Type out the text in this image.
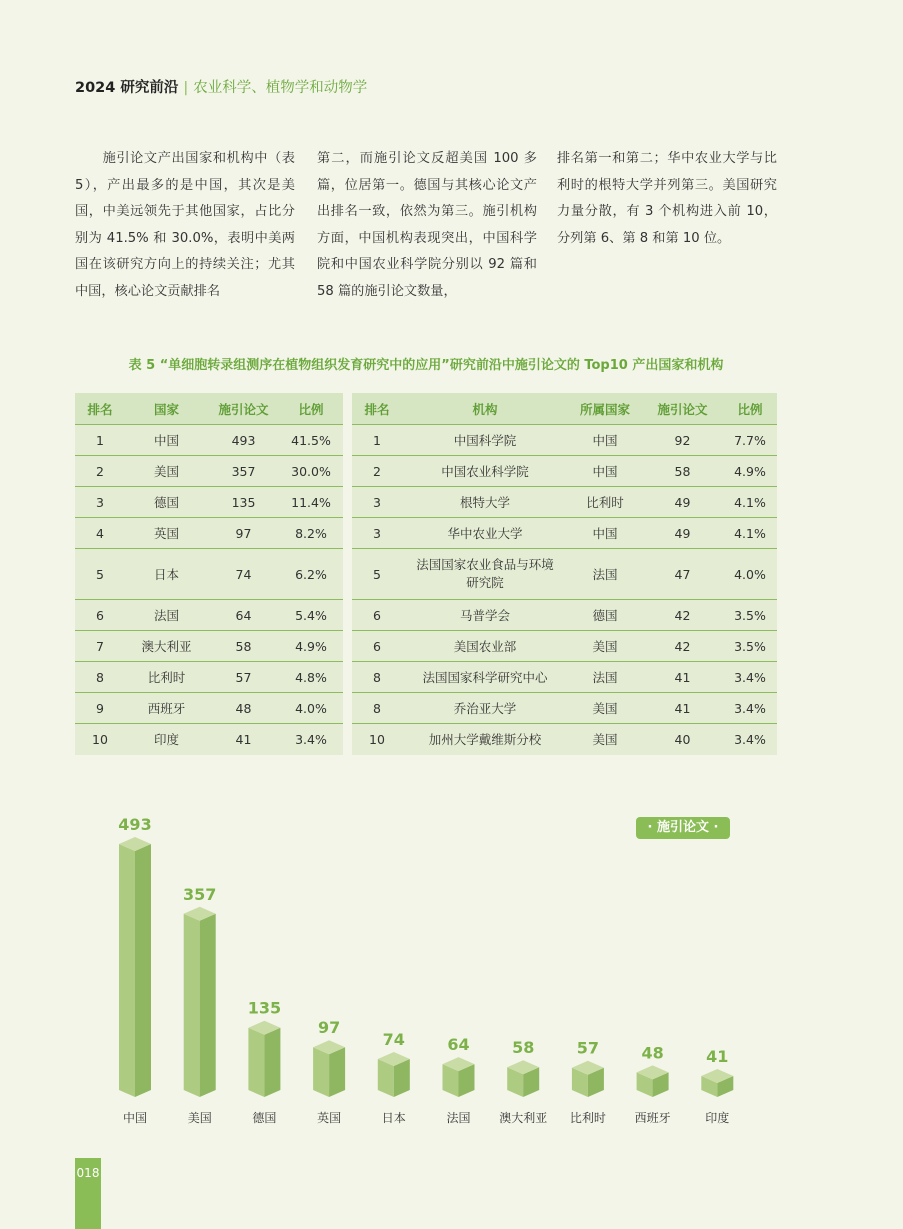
2024 研究前沿 | 农业科学、植物学和动物学
　　施引论文产出国家和机构中（表 5），产出最多的是中国，其次是美国，中美远领先于其他国家，占比分别为 41.5% 和 30.0%，表明中美两国在该研究方向上的持续关注；尤其中国，核心论文贡献排名
第二，而施引论文反超美国 100 多篇，位居第一。德国与其核心论文产出排名一致，依然为第三。施引机构方面，中国机构表现突出，中国科学院和中国农业科学院分别以 92 篇和 58 篇的施引论文数量，
排名第一和第二；华中农业大学与比利时的根特大学并列第三。美国研究力量分散，有 3 个机构进入前 10，分列第 6、第 8 和第 10 位。
表 5 “单细胞转录组测序在植物组织发育研究中的应用”研究前沿中施引论文的 Top10 产出国家和机构
排名	国家	施引论文	比例
1	中国	493	41.5%
2	美国	357	30.0%
3	德国	135	11.4%
4	英国	97	8.2%
5	日本	74	6.2%
6	法国	64	5.4%
7	澳大利亚	58	4.9%
8	比利时	57	4.8%
9	西班牙	48	4.0%
10	印度	41	3.4%
排名	机构	所属国家	施引论文	比例
1	中国科学院	中国	92	7.7%
2	中国农业科学院	中国	58	4.9%
3	根特大学	比利时	49	4.1%
3	华中农业大学	中国	49	4.1%
5	法国国家农业食品与环境研究院	法国	47	4.0%
6	马普学会	德国	42	3.5%
6	美国农业部	美国	42	3.5%
8	法国国家科学研究中心	法国	41	3.4%
8	乔治亚大学	美国	41	3.4%
10	加州大学戴维斯分校	美国	40	3.4%
493
中国
357
美国
135
德国
97
英国
74
日本
64
法国
58
澳大利亚
57
比利时
48
西班牙
41
印度
· 施引论文 ·
018
